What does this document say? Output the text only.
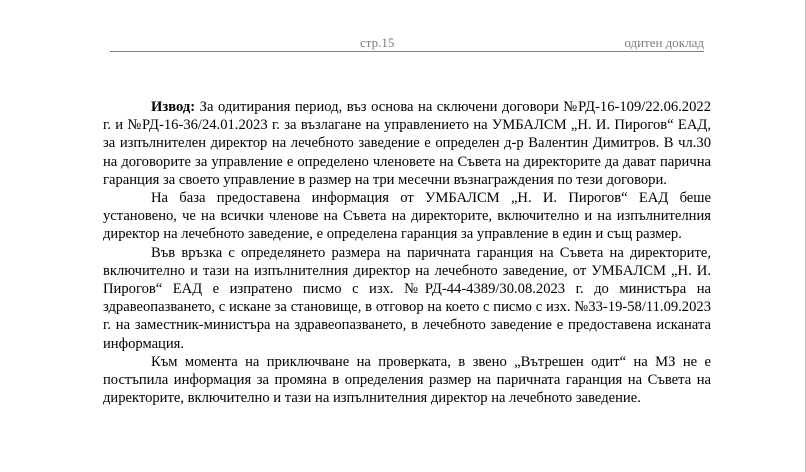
стр.15	одитен доклад

Извод: За одитирания период, въз основа на сключени договори №РД-16-109/22.06.2022 г. и №РД-16-36/24.01.2023 г. за възлагане на управлението на УМБАЛСМ „Н. И. Пирогов“ ЕАД, за изпълнителен директор на лечебното заведение е определен д-р Валентин Димитров. В чл.30 на договорите за управление е определено членовете на Съвета на директорите да дават парична гаранция за своето управление в размер на три месечни възнаграждения по тези договори.

На база предоставена информация от УМБАЛСМ „Н. И. Пирогов“ ЕАД беше установено, че на всички членове на Съвета на директорите, включително и на изпълнителния директор на лечебното заведение, е определена гаранция за управление в един и същ размер.

Във връзка с определянето размера на паричната гаранция на Съвета на директорите, включително и тази на изпълнителния директор на лечебното заведение, от УМБАЛСМ „Н. И. Пирогов“ ЕАД е изпратено писмо с изх. №РД-44-4389/30.08.2023 г. до министъра на здравеопазването, с искане за становище, в отговор на което с писмо с изх. №33-19-58/11.09.2023 г. на заместник-министъра на здравеопазването, в лечебното заведение е предоставена исканата информация.

Към момента на приключване на проверката, в звено „Вътрешен одит“ на МЗ не е постъпила информация за промяна в определения размер на паричната гаранция на Съвета на директорите, включително и тази на изпълнителния директор на лечебното заведение.
